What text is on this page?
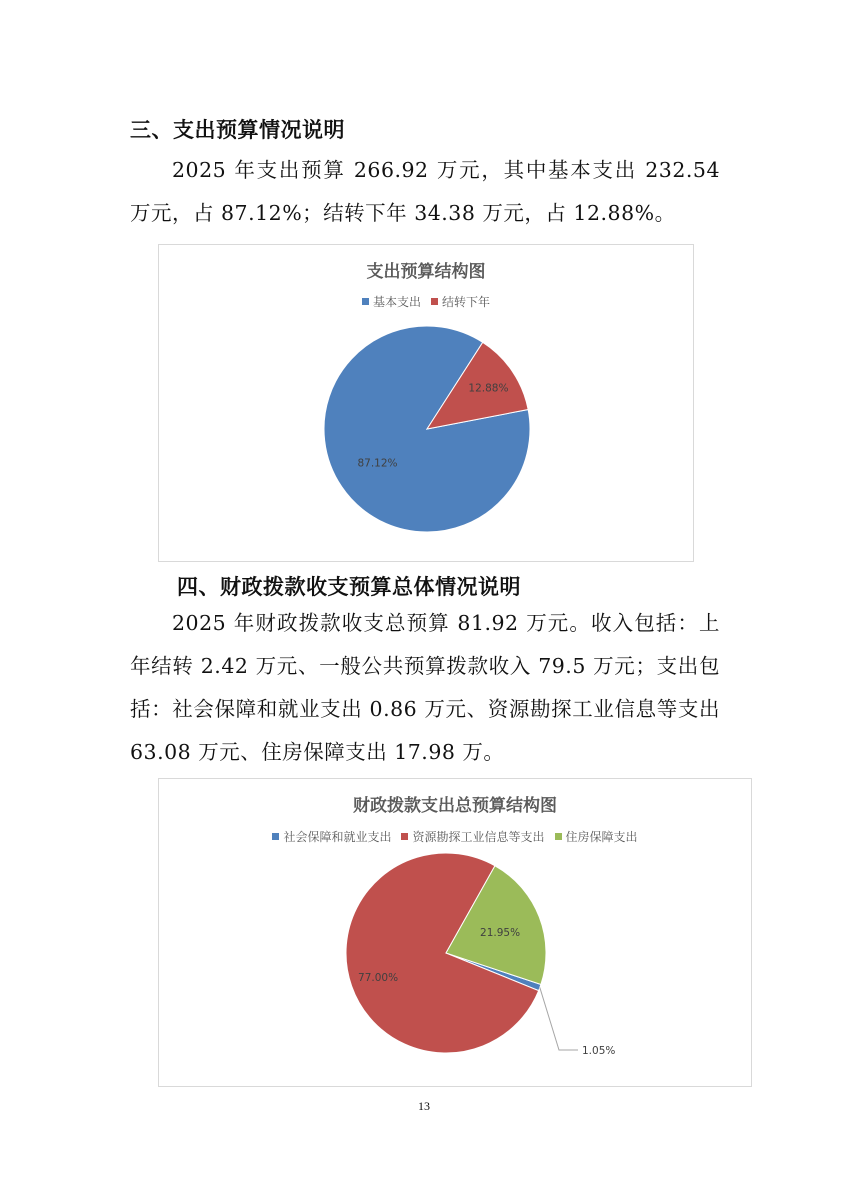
三、支出预算情况说明
2025 年支出预算 266.92 万元，其中基本支出 232.54 万元，占 87.12%；结转下年 34.38 万元，占 12.88%。
支出预算结构图
基本支出 结转下年
87.12%
12.88%
四、财政拨款收支预算总体情况说明
2025 年财政拨款收支总预算 81.92 万元。收入包括：上年结转 2.42 万元、一般公共预算拨款收入 79.5 万元；支出包括：社会保障和就业支出 0.86 万元、资源勘探工业信息等支出 63.08 万元、住房保障支出 17.98 万。
财政拨款支出总预算结构图
社会保障和就业支出 资源勘探工业信息等支出 住房保障支出
1.05%
77.00%
21.95%
13
